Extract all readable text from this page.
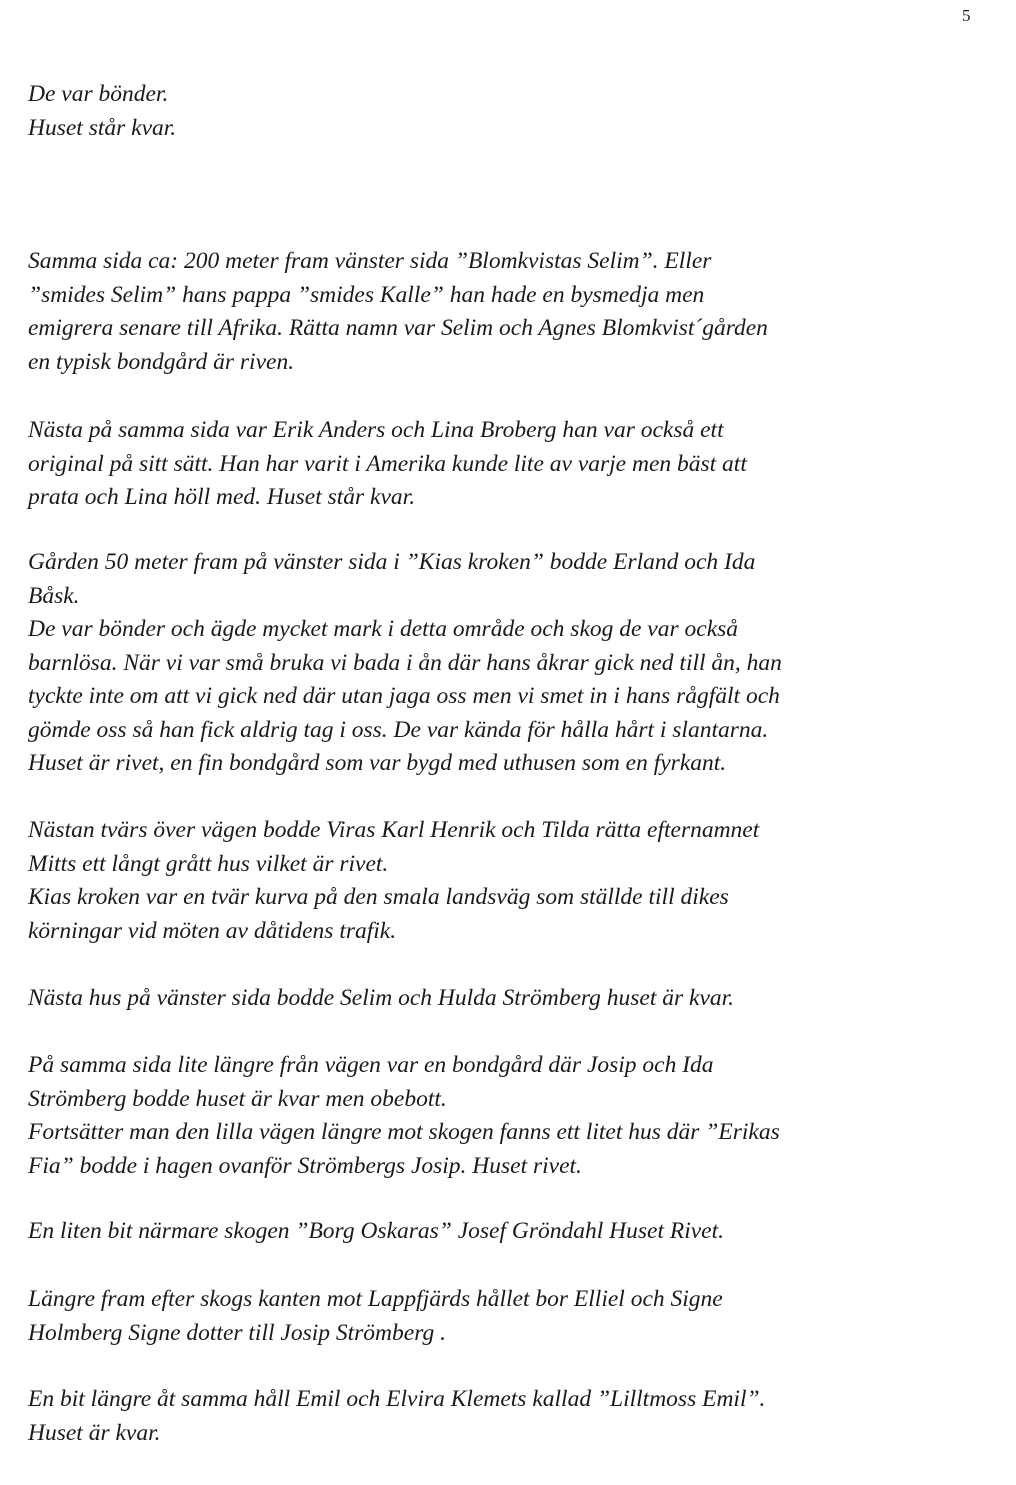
5
De var bönder.
Huset står kvar.
Samma sida ca: 200 meter fram vänster sida ”Blomkvistas Selim”. Eller
”smides Selim” hans pappa ”smides Kalle” han hade en bysmedja men
emigrera senare till Afrika. Rätta namn var Selim och Agnes Blomkvist´gården
en typisk bondgård är riven.
Nästa på samma sida var Erik Anders och Lina Broberg han var också ett
original på sitt sätt. Han har varit i Amerika kunde lite av varje men bäst att
prata och Lina höll med. Huset står kvar.
Gården 50 meter fram på vänster sida i ”Kias kroken” bodde Erland och Ida
Båsk.
De var bönder och ägde mycket mark i detta område och skog de var också
barnlösa. När vi var små bruka vi bada i ån där hans åkrar gick ned till ån, han
tyckte inte om att vi gick ned där utan jaga oss men vi smet in i hans rågfält och
gömde oss så han fick aldrig tag i oss. De var kända för hålla hårt i slantarna.
Huset är rivet, en fin bondgård som var bygd med uthusen som en fyrkant.
Nästan tvärs över vägen bodde Viras Karl Henrik och Tilda rätta efternamnet
Mitts ett långt grått hus vilket är rivet.
Kias kroken var en tvär kurva på den smala landsväg som ställde till dikes
körningar vid möten av dåtidens trafik.
Nästa hus på vänster sida bodde Selim och Hulda Strömberg huset är kvar.
På samma sida lite längre från vägen var en bondgård där Josip och Ida
Strömberg bodde huset är kvar men obebott.
Fortsätter man den lilla vägen längre mot skogen fanns ett litet hus där ”Erikas
Fia” bodde i hagen ovanför Strömbergs Josip. Huset rivet.
En liten bit närmare skogen ”Borg Oskaras” Josef Gröndahl Huset Rivet.
Längre fram efter skogs kanten mot Lappfjärds hållet bor Elliel och Signe
Holmberg Signe dotter till Josip Strömberg .
En bit längre åt samma håll Emil och Elvira Klemets kallad ”Lilltmoss Emil”.
Huset är kvar.
